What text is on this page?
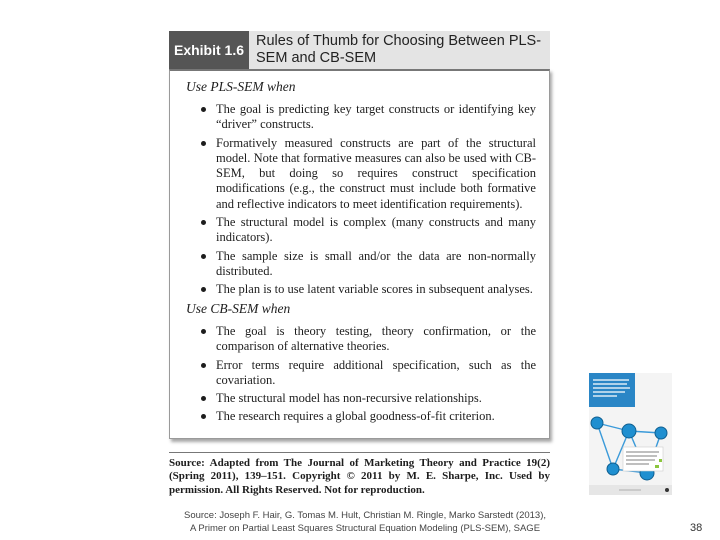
Exhibit 1.6
Rules of Thumb for Choosing Between PLS-SEM and CB-SEM
Use PLS-SEM when
The goal is predicting key target constructs or identifying key “driver” constructs.
Formatively measured constructs are part of the structural model. Note that formative measures can also be used with CB-SEM, but doing so requires construct specification modifications (e.g., the construct must include both formative and reflective indicators to meet identification requirements).
The structural model is complex (many constructs and many indicators).
The sample size is small and/or the data are non-normally distributed.
The plan is to use latent variable scores in subsequent analyses.
Use CB-SEM when
The goal is theory testing, theory confirmation, or the comparison of alternative theories.
Error terms require additional specification, such as the covariation.
The structural model has non-recursive relationships.
The research requires a global goodness-of-fit criterion.
Source: Adapted from The Journal of Marketing Theory and Practice 19(2) (Spring 2011), 139–151. Copyright © 2011 by M. E. Sharpe, Inc. Used by permission. All Rights Reserved. Not for reproduction.
Source: Joseph F. Hair, G. Tomas M. Hult, Christian M. Ringle, Marko Sarstedt (2013),
A Primer on Partial Least Squares Structural Equation Modeling (PLS-SEM), SAGE	38
